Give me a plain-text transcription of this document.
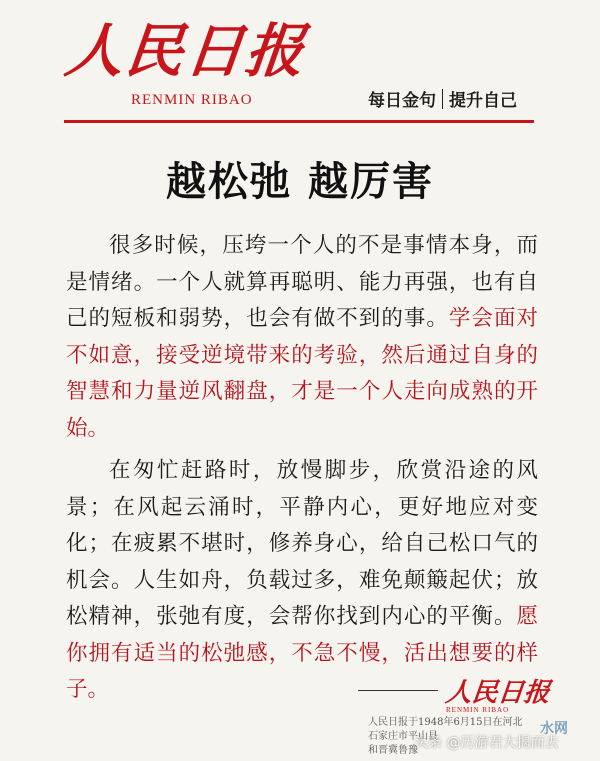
人民日报
RENMIN RIBAO	每日金句 提升自己
越松弛 越厉害

很多时候，压垮一个人的不是事情本身，而是情绪。一个人就算再聪明、能力再强，也有自己的短板和弱势，也会有做不到的事。学会面对不如意，接受逆境带来的考验，然后通过自身的智慧和力量逆风翻盘，才是一个人走向成熟的开始。

在匆忙赶路时，放慢脚步，欣赏沿途的风景；在风起云涌时，平静内心，更好地应对变化；在疲累不堪时，修养身心，给自己松口气的机会。人生如舟，负载过多，难免颠簸起伏；放松精神，张弛有度，会帮你找到内心的平衡。愿你拥有适当的松弛感，不急不慢，活出想要的样子。	人民日报
RENMIN RIBAO
人民日报于1948年6月15日在河北
石家庄市平山县
和晋冀鲁豫
水网
头条 @历游君大揭而去
